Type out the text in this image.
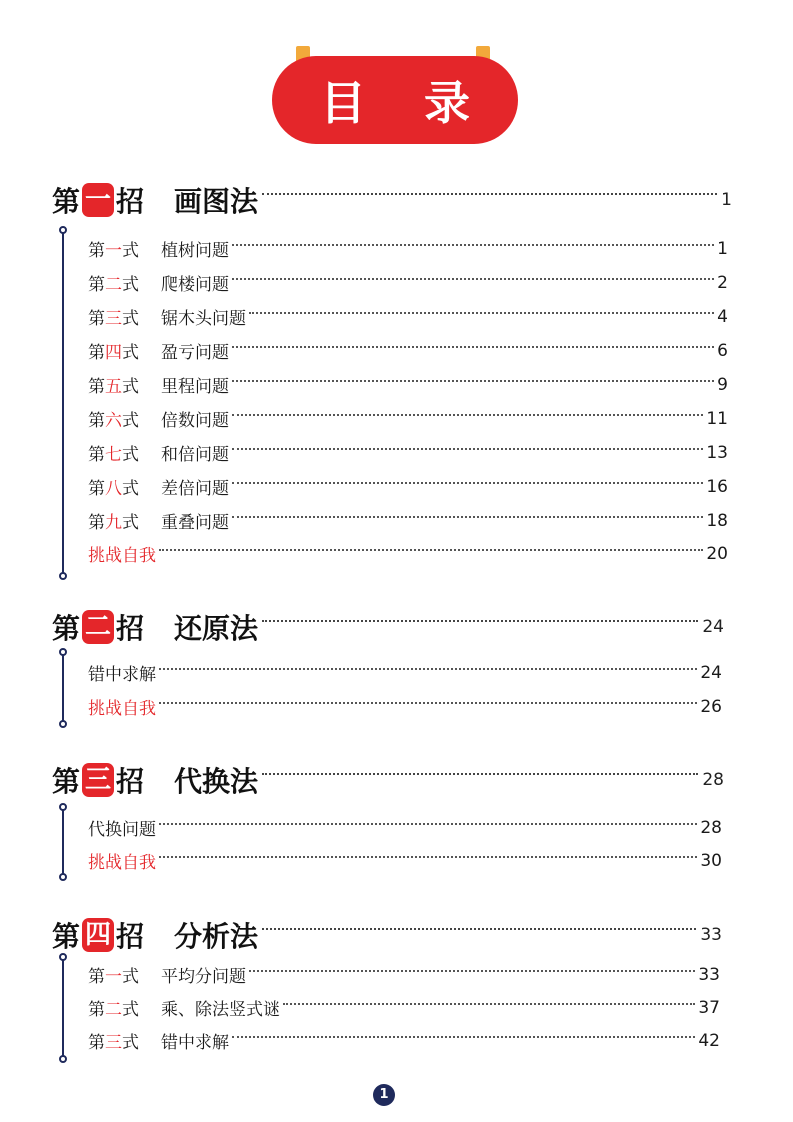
目 录
第 一 招 画图法	1
第 一 式 植树问题	1
第 二 式 爬楼问题	2
第 三 式 锯木头问题	4
第 四 式 盈亏问题	6
第 五 式 里程问题	9
第 六 式 倍数问题	11
第 七 式 和倍问题	13
第 八 式 差倍问题	16
第 九 式 重叠问题	18
挑战自我	20
第 二 招 还原法	24
错中求解	24
挑战自我	26
第 三 招 代换法	28
代换问题	28
挑战自我	30
第 四 招 分析法	33
第 一 式 平均分问题	33
第 二 式 乘、除法竖式谜	37
第 三 式 错中求解	42
1
